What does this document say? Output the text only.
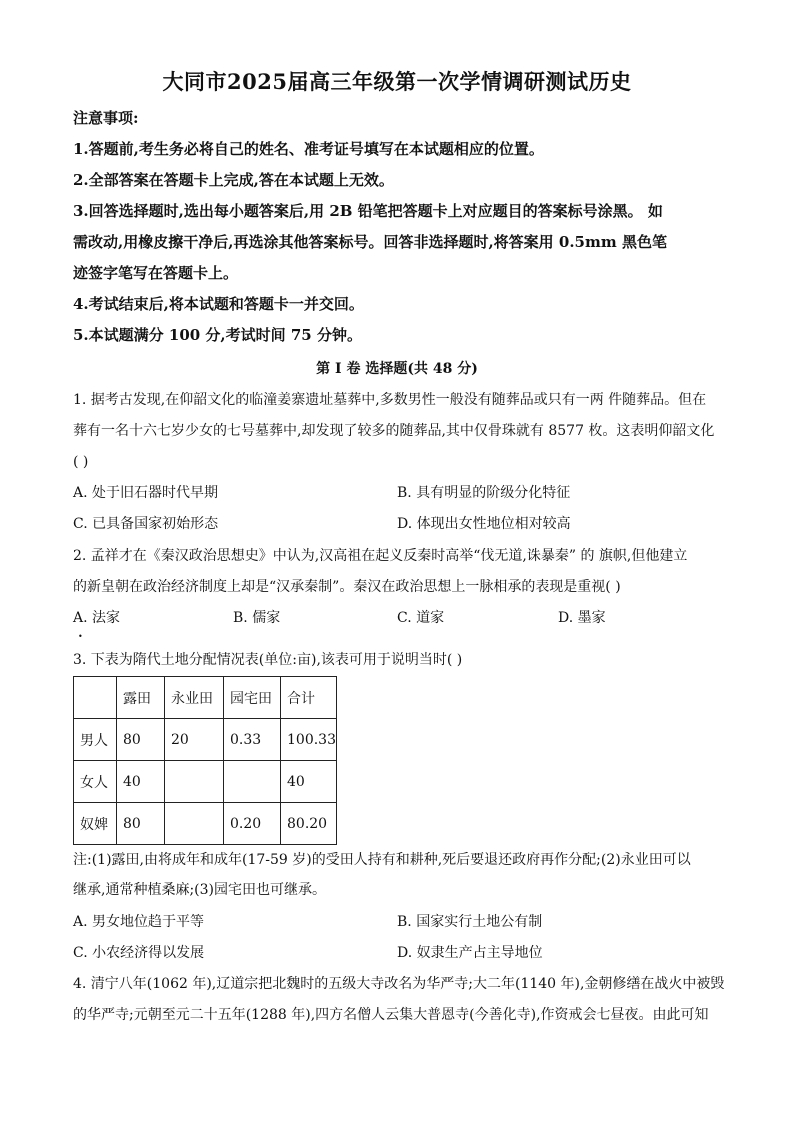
大同市2025届高三年级第一次学情调研测试历史
注意事项:
1.答题前,考生务必将自己的姓名、准考证号填写在本试题相应的位置。
2.全部答案在答题卡上完成,答在本试题上无效。
3.回答选择题时,选出每小题答案后,用 2B 铅笔把答题卡上对应题目的答案标号涂黑。 如
需改动,用橡皮擦干净后,再选涂其他答案标号。回答非选择题时,将答案用 0.5mm 黑色笔
迹签字笔写在答题卡上。
4.考试结束后,将本试题和答题卡一并交回。
5.本试题满分 100 分,考试时间 75 分钟。
第 I 卷 选择题(共 48 分)
1. 据考古发现,在仰韶文化的临潼姜寨遗址墓葬中,多数男性一般没有随葬品或只有一两 件随葬品。但在
葬有一名十六七岁少女的七号墓葬中,却发现了较多的随葬品,其中仅骨珠就有 8577 枚。这表明仰韶文化
( )
A. 处于旧石器时代早期	B. 具有明显的阶级分化特征
C. 已具备国家初始形态	D. 体现出女性地位相对较高
2. 孟祥才在《秦汉政治思想史》中认为,汉高祖在起义反秦时高举“伐无道,诛暴秦” 的 旗帜,但他建立
的新皇朝在政治经济制度上却是“汉承秦制”。秦汉在政治思想上一脉相承的表现是重视( )
A. 法家	B. 儒家	C. 道家	D. 墨家
•
3. 下表为隋代土地分配情况表(单位:亩),该表可用于说明当时( )
	露田	永业田	园宅田	合计
男人	80	20	0.33	100.33
女人	40			40
奴婢	80		0.20	80.20
注:(1)露田,由将成年和成年(17-59 岁)的受田人持有和耕种,死后要退还政府再作分配;(2)永业田可以
继承,通常种植桑麻;(3)园宅田也可继承。
A. 男女地位趋于平等	B. 国家实行土地公有制
C. 小农经济得以发展	D. 奴隶生产占主导地位
4. 清宁八年(1062 年),辽道宗把北魏时的五级大寺改名为华严寺;大二年(1140 年),金朝修缮在战火中被毁
的华严寺;元朝至元二十五年(1288 年),四方名僧人云集大普恩寺(今善化寺),作资戒会七昼夜。由此可知
